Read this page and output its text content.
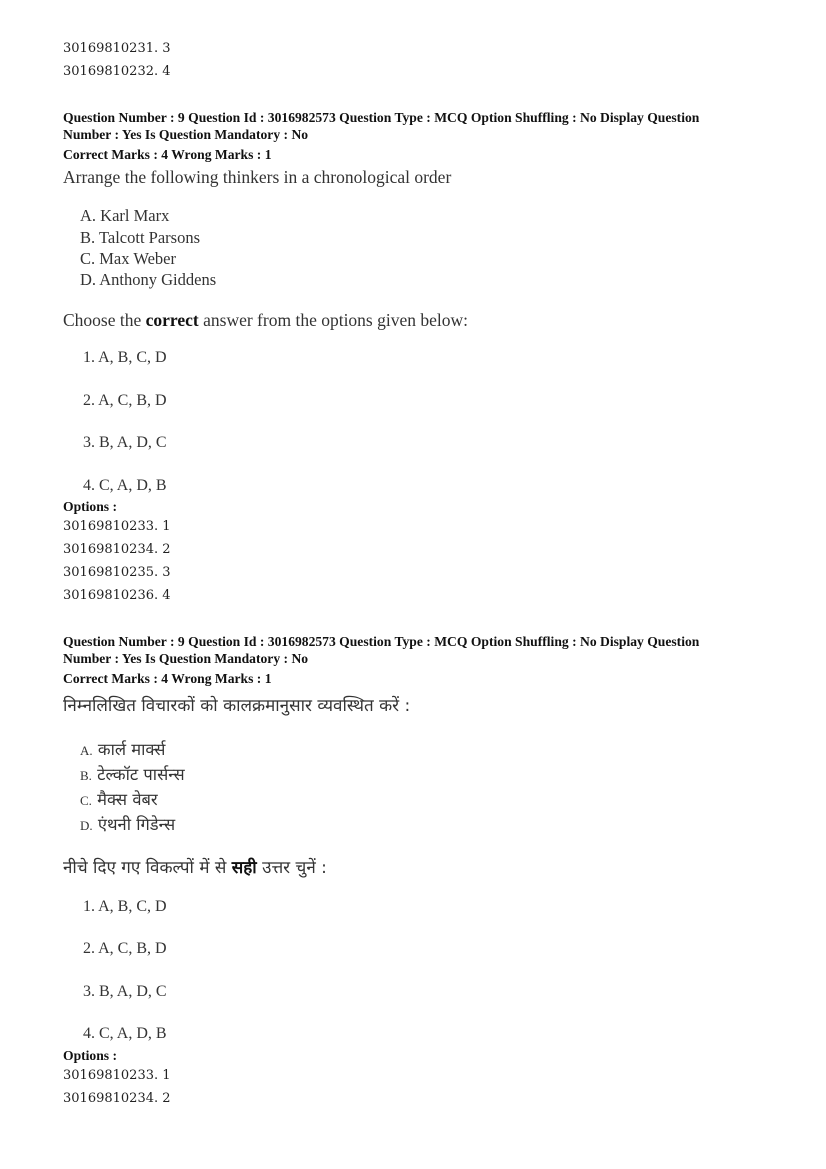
30169810231. 3
30169810232. 4
Question Number : 9 Question Id : 3016982573 Question Type : MCQ Option Shuffling : No Display Question
Number : Yes Is Question Mandatory : No
Correct Marks : 4 Wrong Marks : 1
Arrange the following thinkers in a chronological order
A. Karl Marx
B. Talcott Parsons
C. Max Weber
D. Anthony Giddens
Choose the correct answer from the options given below:
1. A, B, C, D
2. A, C, B, D
3. B, A, D, C
4. C, A, D, B
Options :
30169810233. 1
30169810234. 2
30169810235. 3
30169810236. 4
Question Number : 9 Question Id : 3016982573 Question Type : MCQ Option Shuffling : No Display Question
Number : Yes Is Question Mandatory : No
Correct Marks : 4 Wrong Marks : 1
निम्नलिखित विचारकों को कालक्रमानुसार व्यवस्थित करें :
A. कार्ल मार्क्स
B. टेल्कॉट पार्सन्स
C. मैक्स वेबर
D. एंथनी गिडेन्स
नीचे दिए गए विकल्पों में से सही उत्तर चुनें :
1. A, B, C, D
2. A, C, B, D
3. B, A, D, C
4. C, A, D, B
Options :
30169810233. 1
30169810234. 2
